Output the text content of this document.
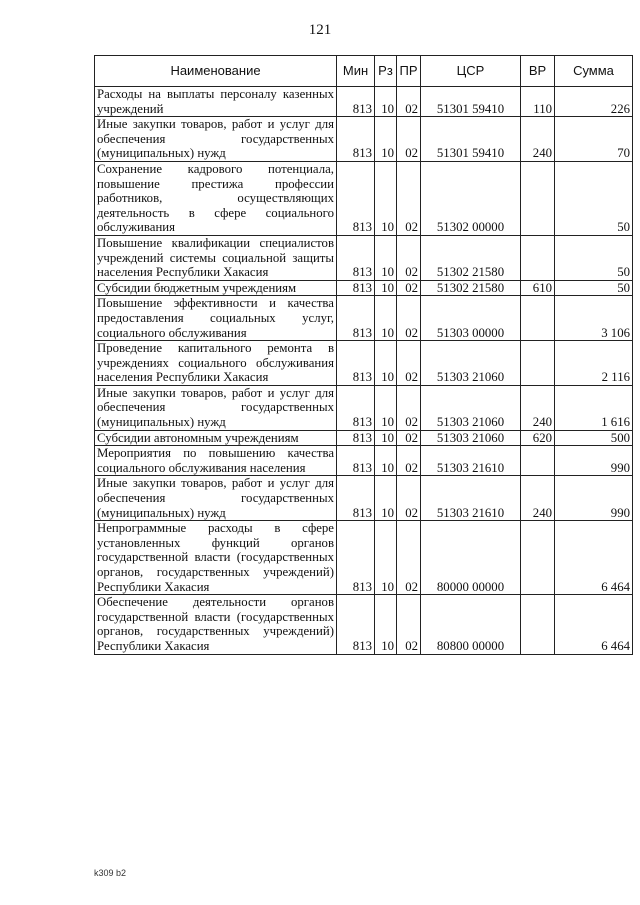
121
Наименование	Мин	Рз	ПР	ЦСР	ВР	Сумма
Расходы на выплаты персоналу казенных учреждений	813	10	02	51301 59410	110	226
Иные закупки товаров, работ и услуг для обеспечения государственных (муниципальных) нужд	813	10	02	51301 59410	240	70
Сохранение кадрового потенциала, повышение престижа профессии работников, осуществляющих деятельность в сфере социального обслуживания	813	10	02	51302 00000		50
Повышение квалификации специалистов учреждений системы социальной защиты населения Республики Хакасия	813	10	02	51302 21580		50
Субсидии бюджетным учреждениям	813	10	02	51302 21580	610	50
Повышение эффективности и качества предоставления социальных услуг, социального обслуживания	813	10	02	51303 00000		3 106
Проведение капитального ремонта в учреждениях социального обслуживания населения Республики Хакасия	813	10	02	51303 21060		2 116
Иные закупки товаров, работ и услуг для обеспечения государственных (муниципальных) нужд	813	10	02	51303 21060	240	1 616
Субсидии автономным учреждениям	813	10	02	51303 21060	620	500
Мероприятия по повышению качества социального обслуживания населения	813	10	02	51303 21610		990
Иные закупки товаров, работ и услуг для обеспечения государственных (муниципальных) нужд	813	10	02	51303 21610	240	990
Непрограммные расходы в сфере установленных функций органов государственной власти (государственных органов, государственных учреждений) Республики Хакасия	813	10	02	80000 00000		6 464
Обеспечение деятельности органов государственной власти (государственных органов, государственных учреждений) Республики Хакасия	813	10	02	80800 00000		6 464
k309 b2
